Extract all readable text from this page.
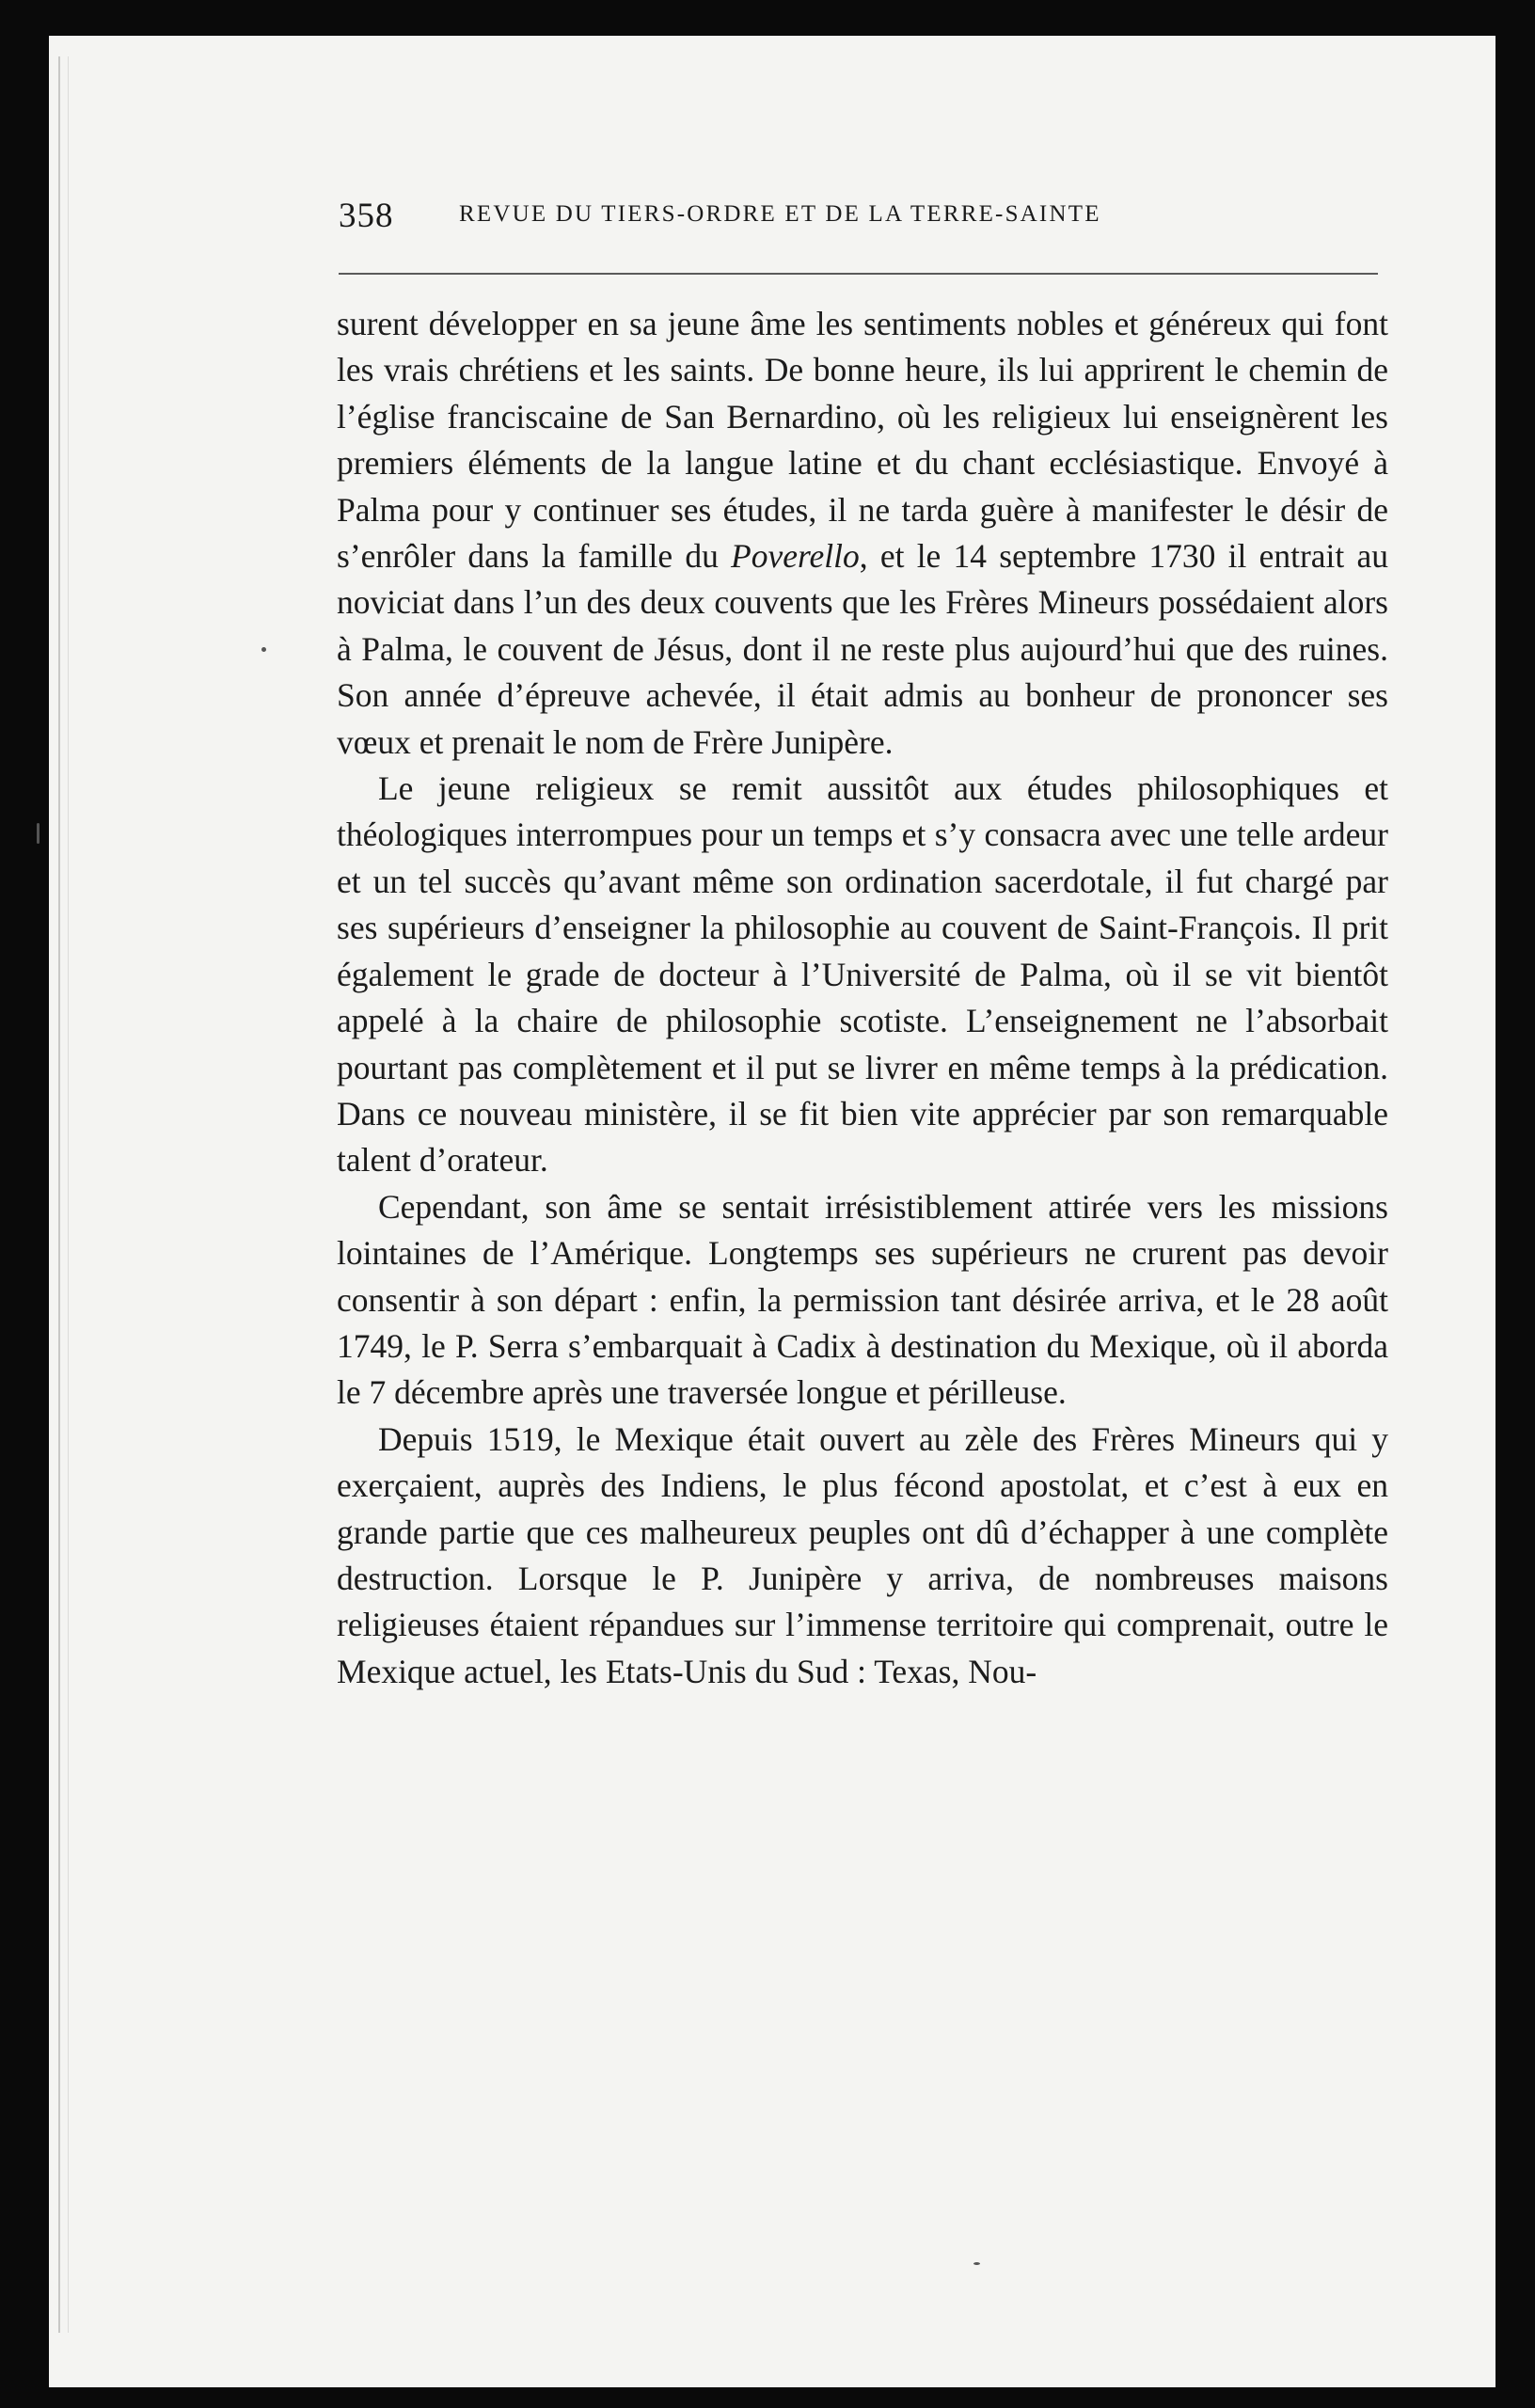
358	REVUE DU TIERS-ORDRE ET DE LA TERRE-SAINTE

surent développer en sa jeune âme les sentiments nobles et généreux qui font les vrais chrétiens et les saints. De bonne heure, ils lui apprirent le chemin de l’église franciscaine de San Bernardino, où les religieux lui enseignèrent les premiers éléments de la langue latine et du chant ecclésiastique. Envoyé à Palma pour y continuer ses études, il ne tarda guère à manifester le désir de s’enrôler dans la famille du Poverello, et le 14 septembre 1730 il entrait au noviciat dans l’un des deux couvents que les Frères Mineurs possédaient alors à Palma, le couvent de Jésus, dont il ne reste plus aujourd’hui que des ruines. Son année d’épreuve achevée, il était admis au bonheur de prononcer ses vœux et prenait le nom de Frère Junipère.

Le jeune religieux se remit aussitôt aux études philosophiques et théologiques interrompues pour un temps et s’y consacra avec une telle ardeur et un tel succès qu’avant même son ordination sacerdotale, il fut chargé par ses supérieurs d’enseigner la philosophie au couvent de Saint-François. Il prit également le grade de docteur à l’Université de Palma, où il se vit bientôt appelé à la chaire de philosophie scotiste. L’enseignement ne l’absorbait pourtant pas complètement et il put se livrer en même temps à la prédication. Dans ce nouveau ministère, il se fit bien vite apprécier par son remarquable talent d’orateur.

Cependant, son âme se sentait irrésistiblement attirée vers les missions lointaines de l’Amérique. Longtemps ses supérieurs ne crurent pas devoir consentir à son départ : enfin, la permission tant désirée arriva, et le 28 août 1749, le P. Serra s’embarquait à Cadix à destination du Mexique, où il aborda le 7 décembre après une traversée longue et périlleuse.

Depuis 1519, le Mexique était ouvert au zèle des Frères Mineurs qui y exerçaient, auprès des Indiens, le plus fécond apostolat, et c’est à eux en grande partie que ces malheureux peuples ont dû d’échapper à une complète destruction. Lorsque le P. Junipère y arriva, de nombreuses maisons religieuses étaient répandues sur l’immense territoire qui comprenait, outre le Mexique actuel, les Etats-Unis du Sud : Texas, Nou-
